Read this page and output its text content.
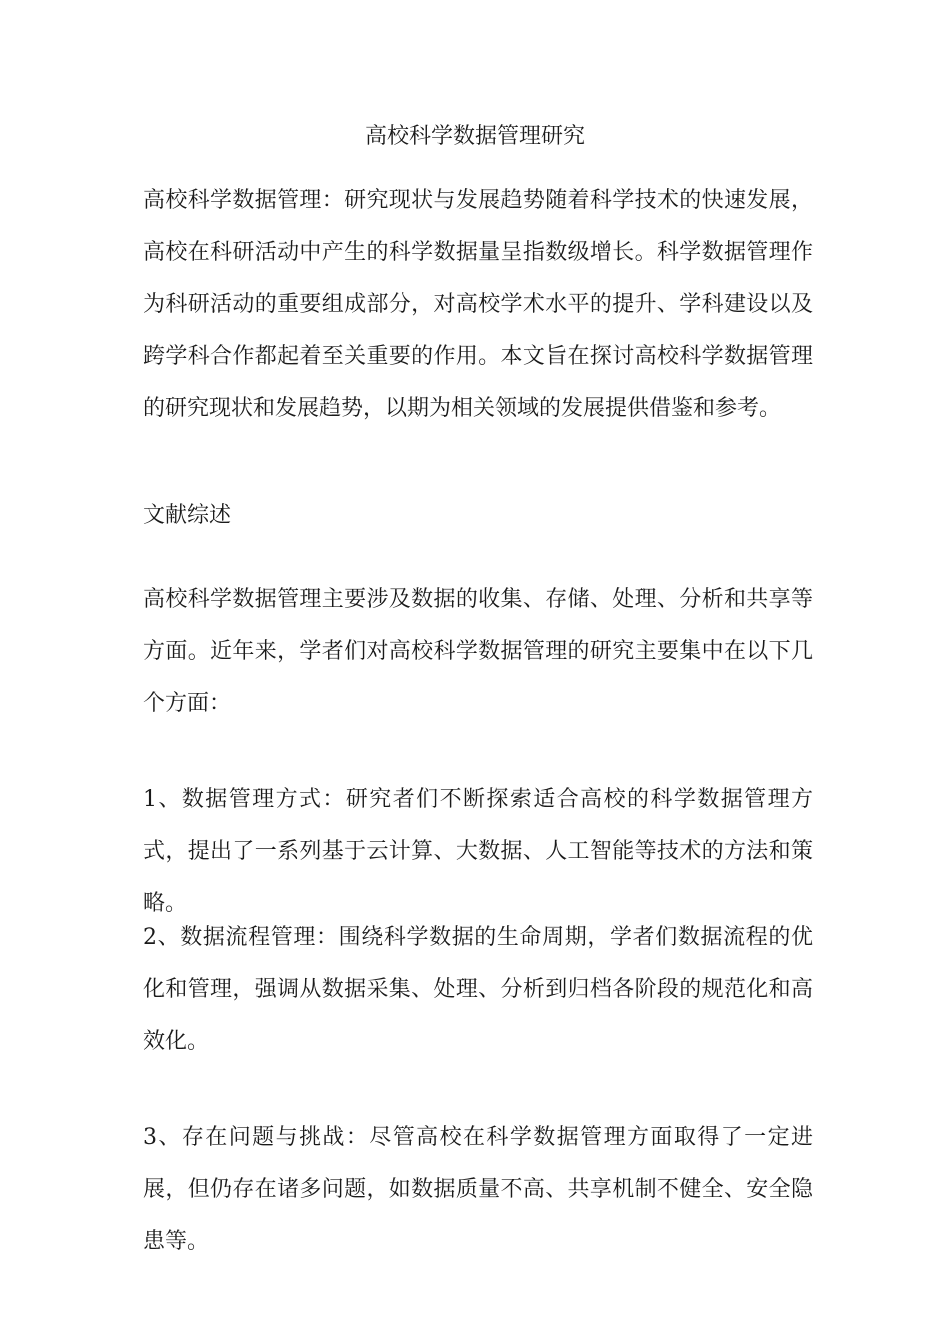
高校科学数据管理研究

高校科学数据管理：研究现状与发展趋势随着科学技术的快速发展，高校在科研活动中产生的科学数据量呈指数级增长。科学数据管理作为科研活动的重要组成部分，对高校学术水平的提升、学科建设以及跨学科合作都起着至关重要的作用。本文旨在探讨高校科学数据管理的研究现状和发展趋势，以期为相关领域的发展提供借鉴和参考。

文献综述

高校科学数据管理主要涉及数据的收集、存储、处理、分析和共享等方面。近年来，学者们对高校科学数据管理的研究主要集中在以下几个方面：

1、数据管理方式：研究者们不断探索适合高校的科学数据管理方式，提出了一系列基于云计算、大数据、人工智能等技术的方法和策略。

2、数据流程管理：围绕科学数据的生命周期，学者们数据流程的优化和管理，强调从数据采集、处理、分析到归档各阶段的规范化和高效化。

3、存在问题与挑战：尽管高校在科学数据管理方面取得了一定进展，但仍存在诸多问题，如数据质量不高、共享机制不健全、安全隐患等。
